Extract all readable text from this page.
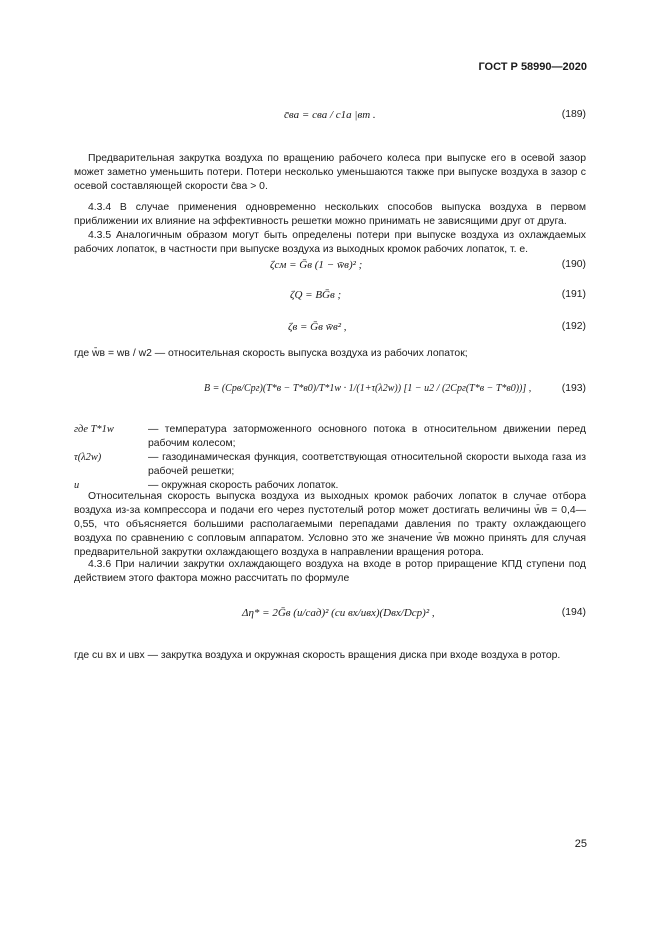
ГОСТ Р 58990—2020
c̄вa = cвa / c1a |вт .	(189)
Предварительная закрутка воздуха по вращению рабочего колеса при выпуске его в осевой зазор может заметно уменьшить потери. Потери несколько уменьшаются также при выпуске воздуха в зазор с осевой составляющей скорости c̄вa > 0.
4.3.4 В случае применения одновременно нескольких способов выпуска воздуха в первом приближении их влияние на эффективность решетки можно принимать не зависящими друг от друга.
4.3.5 Аналогичным образом могут быть определены потери при выпуске воздуха из охлаждаемых рабочих лопаток, в частности при выпуске воздуха из выходных кромок рабочих лопаток, т. е.
ζсм = Ḡв (1 − w̄в)² ;	(190)
ζQ = BḠв ;	(191)
ζв = Ḡв w̄в² ,	(192)
где w̄в = wв / w2 — относительная скорость выпуска воздуха из рабочих лопаток;
B = (Cрв/Cрг)(T*в − T*в0)/T*1w · 1/(1+τ(λ2w)) [1 − u2 / (2Cрг(T*в − T*в0))] ,	(193)
где T*1w	— температура заторможенного основного потока в относительном движении перед рабочим колесом;
τ(λ2w)	— газодинамическая функция, соответствующая относительной скорости выхода газа из рабочей решетки;
u	— окружная скорость рабочих лопаток.
Относительная скорость выпуска воздуха из выходных кромок рабочих лопаток в случае отбора воздуха из-за компрессора и подачи его через пустотелый ротор может достигать величины w̄в = 0,4—0,55, что объясняется большими располагаемыми перепадами давления по тракту охлаждающего воздуха по сравнению с сопловым аппаратом. Условно это же значение w̄в можно принять для случая предварительной закрутки охлаждающего воздуха в направлении вращения ротора.
4.3.6 При наличии закрутки охлаждающего воздуха на входе в ротор приращение КПД ступени под действием этого фактора можно рассчитать по формуле
Δη* = 2Ḡв (u/cад)² (cu вх/uвх)(Dвх/Dср)² ,	(194)
где cu вх и uвх — закрутка воздуха и окружная скорость вращения диска при входе воздуха в ротор.
25
